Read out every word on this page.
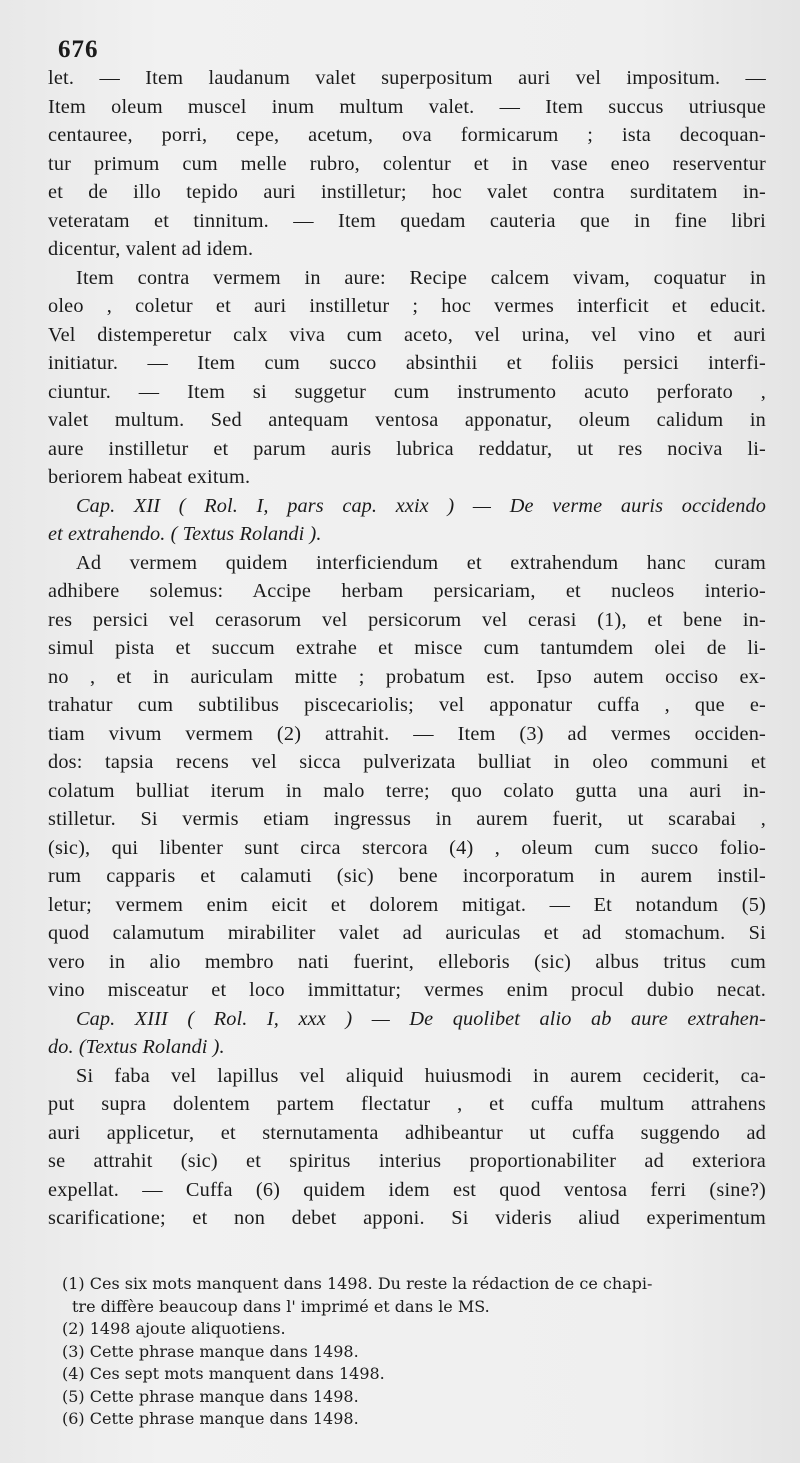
676
let. — Item laudanum valet superpositum auri vel impositum. —
Item oleum muscel inum multum valet. — Item succus utriusque
centauree, porri, cepe, acetum, ova formicarum ; ista decoquan-
tur primum cum melle rubro, colentur et in vase eneo reserventur
et de illo tepido auri instilletur; hoc valet contra surditatem in-
veteratam et tinnitum. — Item quedam cauteria que in fine libri
dicentur, valent ad idem.
Item contra vermem in aure: Recipe calcem vivam, coquatur in
oleo , coletur et auri instilletur ; hoc vermes interficit et educit.
Vel distemperetur calx viva cum aceto, vel urina, vel vino et auri
initiatur. — Item cum succo absinthii et foliis persici interfi-
ciuntur. — Item si suggetur cum instrumento acuto perforato ,
valet multum. Sed antequam ventosa apponatur, oleum calidum in
aure instilletur et parum auris lubrica reddatur, ut res nociva li-
beriorem habeat exitum.
Cap. XII ( Rol. I, pars cap. xxix ) — De verme auris occidendo
et extrahendo. ( Textus Rolandi ).
Ad vermem quidem interficiendum et extrahendum hanc curam
adhibere solemus: Accipe herbam persicariam, et nucleos interio-
res persici vel cerasorum vel persicorum vel cerasi (1), et bene in-
simul pista et succum extrahe et misce cum tantumdem olei de li-
no , et in auriculam mitte ; probatum est. Ipso autem occiso ex-
trahatur cum subtilibus piscecariolis; vel apponatur cuffa , que e-
tiam vivum vermem (2) attrahit. — Item (3) ad vermes occiden-
dos: tapsia recens vel sicca pulverizata bulliat in oleo communi et
colatum bulliat iterum in malo terre; quo colato gutta una auri in-
stilletur. Si vermis etiam ingressus in aurem fuerit, ut scarabai ,
(sic), qui libenter sunt circa stercora (4) , oleum cum succo folio-
rum capparis et calamuti (sic) bene incorporatum in aurem instil-
letur; vermem enim eicit et dolorem mitigat. — Et notandum (5)
quod calamutum mirabiliter valet ad auriculas et ad stomachum. Si
vero in alio membro nati fuerint, elleboris (sic) albus tritus cum
vino misceatur et loco immittatur; vermes enim procul dubio necat.
Cap. XIII ( Rol. I, xxx ) — De quolibet alio ab aure extrahen-
do. (Textus Rolandi ).
Si faba vel lapillus vel aliquid huiusmodi in aurem ceciderit, ca-
put supra dolentem partem flectatur , et cuffa multum attrahens
auri applicetur, et sternutamenta adhibeantur ut cuffa suggendo ad
se attrahit (sic) et spiritus interius proportionabiliter ad exteriora
expellat. — Cuffa (6) quidem idem est quod ventosa ferri (sine?)
scarificatione; et non debet apponi. Si videris aliud experimentum
(1) Ces six mots manquent dans 1498. Du reste la rédaction de ce chapi-
tre diffère beaucoup dans l' imprimé et dans le MS.
(2) 1498 ajoute aliquotiens.
(3) Cette phrase manque dans 1498.
(4) Ces sept mots manquent dans 1498.
(5) Cette phrase manque dans 1498.
(6) Cette phrase manque dans 1498.
